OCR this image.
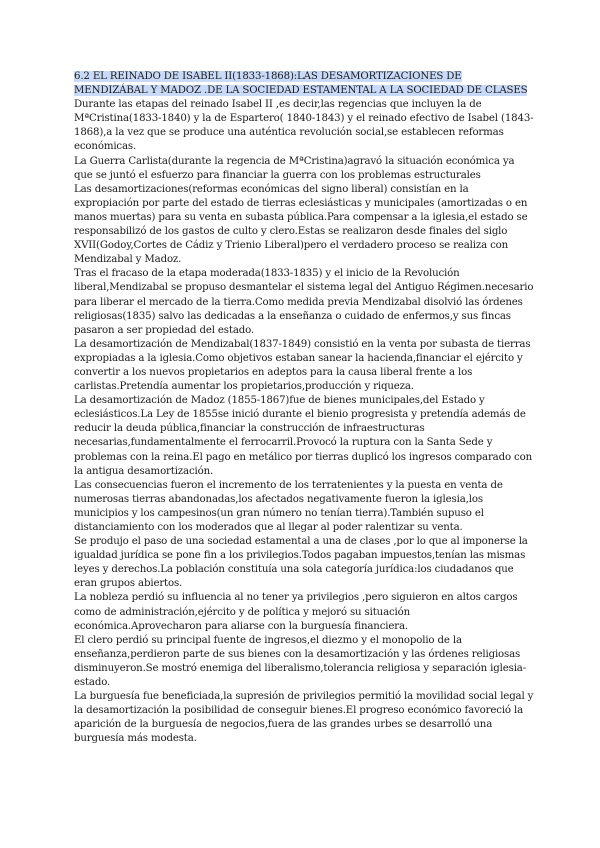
6.2 EL REINADO DE ISABEL II(1833-1868):LAS DESAMORTIZACIONES DE MENDIZÁBAL Y MADOZ .DE LA SOCIEDAD ESTAMENTAL A LA SOCIEDAD DE CLASES

Durante las etapas del reinado Isabel II ,es decir,las regencias que incluyen la de MªCristina(1833-1840) y la de Espartero( 1840-1843) y el reinado efectivo de Isabel (1843-1868),a la vez que se produce una auténtica revolución social,se establecen reformas económicas.

La Guerra Carlista(durante la regencia de MªCristina)agravó la situación económica ya que se juntó el esfuerzo para financiar la guerra con los problemas estructurales

Las desamortizaciones(reformas económicas del signo liberal) consistían en la expropiación por parte del estado de tierras eclesiásticas y municipales (amortizadas o en manos muertas) para su venta en subasta pública.Para compensar a la iglesia,el estado se responsabilizó de los gastos de culto y clero.Estas se realizaron desde finales del siglo XVII(Godoy,Cortes de Cádiz y Trienio Liberal)pero el verdadero proceso se realiza con Mendizabal y Madoz.

Tras el fracaso de la etapa moderada(1833-1835) y el inicio de la Revolución liberal,Mendizabal se propuso desmantelar el sistema legal del Antiguo Régimen.necesario para liberar el mercado de la tierra.Como medida previa Mendizabal disolvió las órdenes religiosas(1835) salvo las dedicadas a la enseñanza o cuidado de enfermos,y sus fincas pasaron a ser propiedad del estado.

La desamortización de Mendizabal(1837-1849) consistió en la venta por subasta de tierras expropiadas a la iglesia.Como objetivos estaban sanear la hacienda,financiar el ejército y convertir a los nuevos propietarios en adeptos para la causa liberal frente a los carlistas.Pretendía aumentar los propietarios,producción y riqueza.

La desamortización de Madoz (1855-1867)fue de bienes municipales,del Estado y eclesiásticos.La Ley de 1855se inició durante el bienio progresista y pretendía además de reducir la deuda pública,financiar la construcción de infraestructuras necesarias,fundamentalmente el ferrocarril.Provocó la ruptura con la Santa Sede y problemas con la reina.El pago en metálico por tierras duplicó los ingresos comparado con la antigua desamortización.

Las consecuencias fueron el incremento de los terratenientes y la puesta en venta de numerosas tierras abandonadas,los afectados negativamente fueron la iglesia,los municipios y los campesinos(un gran número no tenían tierra).También supuso el distanciamiento con los moderados que al llegar al poder ralentizar su venta.

Se produjo el paso de una sociedad estamental a una de clases ,por lo que al imponerse la igualdad jurídica se pone fin a los privilegios.Todos pagaban impuestos,tenían las mismas leyes y derechos.La población constituía una sola categoría jurídica:los ciudadanos que eran grupos abiertos.

La nobleza perdió su influencia al no tener ya privilegios ,pero siguieron en altos cargos como de administración,ejército y de política y mejoró su situación económica.Aprovecharon para aliarse con la burguesía financiera.

El clero perdió su principal fuente de ingresos,el diezmo y el monopolio de la enseñanza,perdieron parte de sus bienes con la desamortización y las órdenes religiosas disminuyeron.Se mostró enemiga del liberalismo,tolerancia religiosa y separación iglesia-estado.

La burguesía fue beneficiada,la supresión de privilegios permitió la movilidad social legal y la desamortización la posibilidad de conseguir bienes.El progreso económico favoreció la aparición de la burguesía de negocios,fuera de las grandes urbes se desarrolló una burguesía más modesta.
